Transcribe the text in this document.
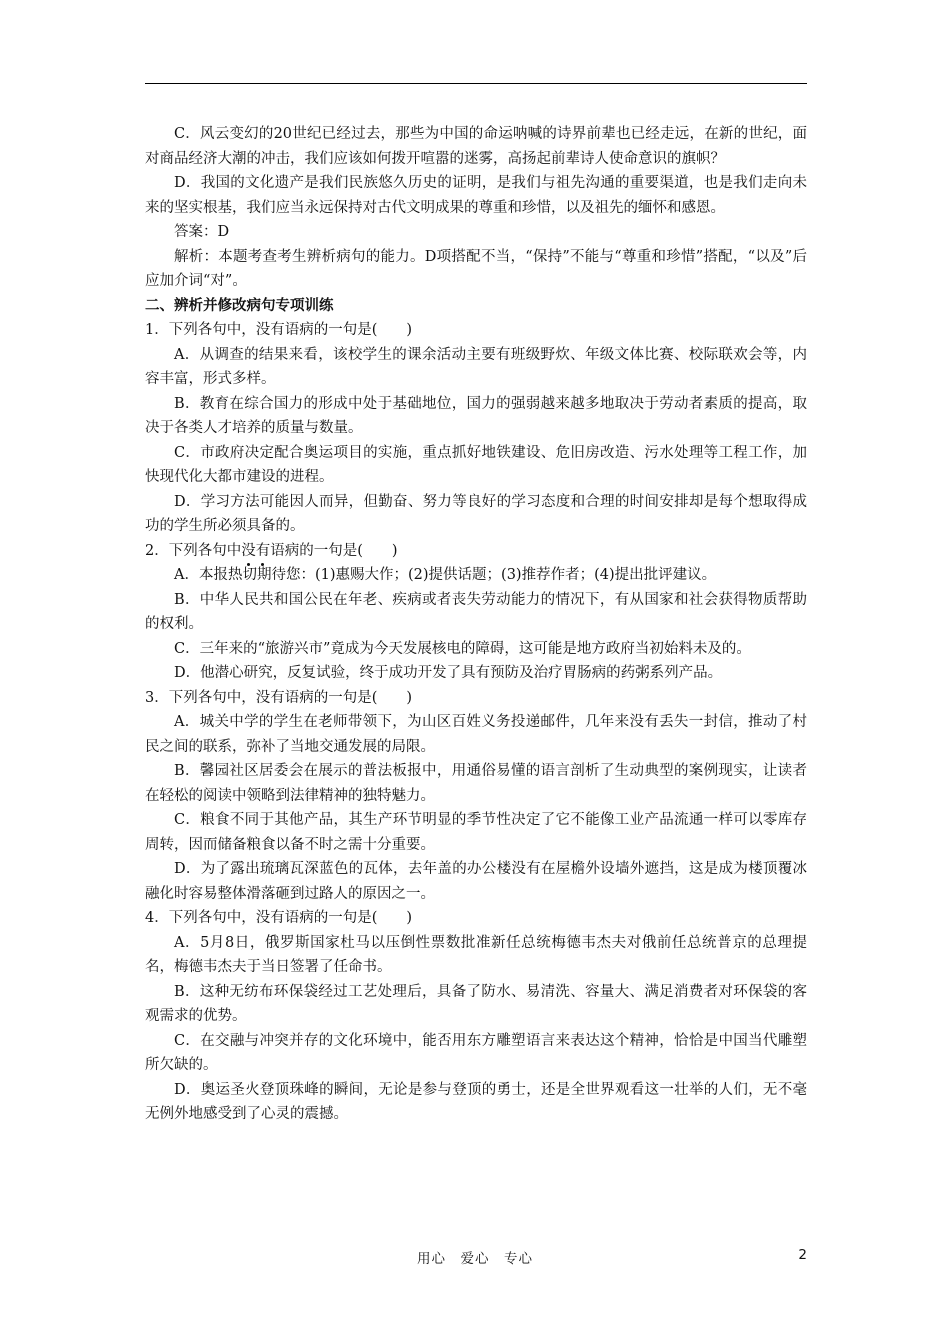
C．风云变幻的20世纪已经过去，那些为中国的命运呐喊的诗界前辈也已经走远，在新的世纪，面对商品经济大潮的冲击，我们应该如何拨开喧嚣的迷雾，高扬起前辈诗人使命意识的旗帜？

D．我国的文化遗产是我们民族悠久历史的证明，是我们与祖先沟通的重要渠道，也是我们走向未来的坚实根基，我们应当永远保持对古代文明成果的尊重和珍惜，以及祖先的缅怀和感恩。

答案：D

解析：本题考查考生辨析病句的能力。D项搭配不当，“保持”不能与“尊重和珍惜”搭配，“以及”后应加介词“对”。

二、辨析并修改病句专项训练

1．下列各句中，没有语病的一句是(　　)

A．从调查的结果来看，该校学生的课余活动主要有班级野炊、年级文体比赛、校际联欢会等，内容丰富，形式多样。

B．教育在综合国力的形成中处于基础地位，国力的强弱越来越多地取决于劳动者素质的提高，取决于各类人才培养的质量与数量。

C．市政府决定配合奥运项目的实施，重点抓好地铁建设、危旧房改造、污水处理等工程工作，加快现代化大都市建设的进程。

D．学习方法可能因人而异，但勤奋、努力等良好的学习态度和合理的时间安排却是每个想取得成功的学生所必须具备的。

2．下列各句中没有语病的一句是(　　)

A．本报热切期待您：(1)惠赐大作；(2)提供话题；(3)推荐作者；(4)提出批评建议。

B．中华人民共和国公民在年老、疾病或者丧失劳动能力的情况下，有从国家和社会获得物质帮助的权利。

C．三年来的“旅游兴市”竟成为今天发展核电的障碍，这可能是地方政府当初始料未及的。

D．他潜心研究，反复试验，终于成功开发了具有预防及治疗胃肠病的药粥系列产品。

3．下列各句中，没有语病的一句是(　　)

A．城关中学的学生在老师带领下，为山区百姓义务投递邮件，几年来没有丢失一封信，推动了村民之间的联系，弥补了当地交通发展的局限。

B．馨园社区居委会在展示的普法板报中，用通俗易懂的语言剖析了生动典型的案例现实，让读者在轻松的阅读中领略到法律精神的独特魅力。

C．粮食不同于其他产品，其生产环节明显的季节性决定了它不能像工业产品流通一样可以零库存周转，因而储备粮食以备不时之需十分重要。

D．为了露出琉璃瓦深蓝色的瓦体，去年盖的办公楼没有在屋檐外设墙外遮挡，这是成为楼顶覆冰融化时容易整体滑落砸到过路人的原因之一。

4．下列各句中，没有语病的一句是(　　)

A．5月8日，俄罗斯国家杜马以压倒性票数批准新任总统梅德韦杰夫对俄前任总统普京的总理提名，梅德韦杰夫于当日签署了任命书。

B．这种无纺布环保袋经过工艺处理后，具备了防水、易清洗、容量大、满足消费者对环保袋的客观需求的优势。

C．在交融与冲突并存的文化环境中，能否用东方雕塑语言来表达这个精神，恰恰是中国当代雕塑所欠缺的。

D．奥运圣火登顶珠峰的瞬间，无论是参与登顶的勇士，还是全世界观看这一壮举的人们，无不毫无例外地感受到了心灵的震撼。

用心　爱心　专心	2
